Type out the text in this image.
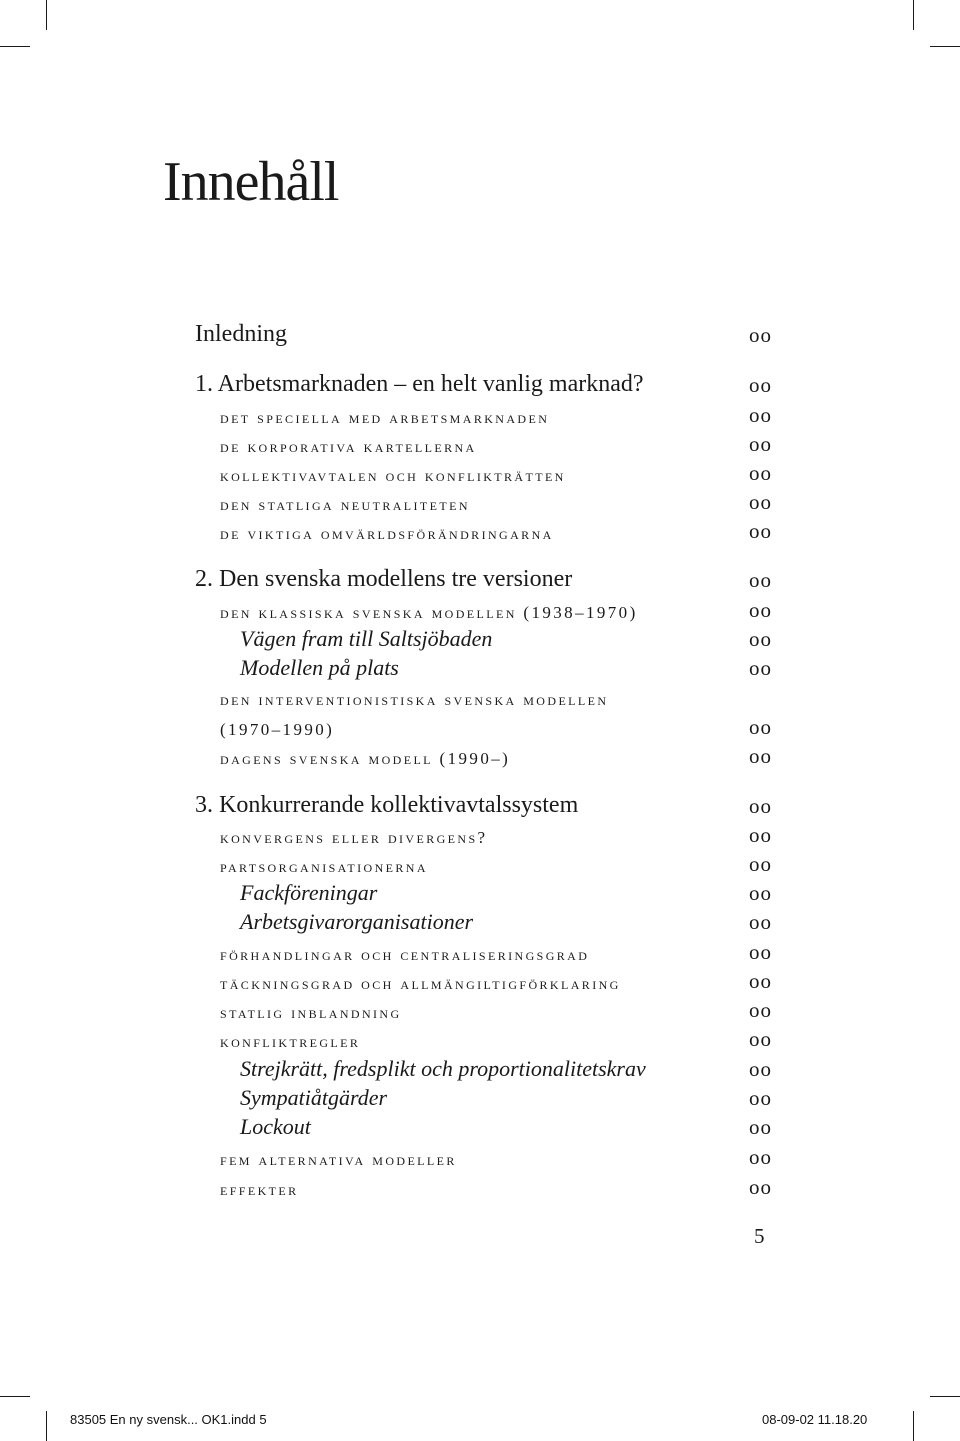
Innehåll
Inledning	oo
1. Arbetsmarknaden – en helt vanlig marknad?	oo
det speciella med arbetsmarknaden	oo
de korporativa kartellerna	oo
kollektivavtalen och konflikträtten	oo
den statliga neutraliteten	oo
de viktiga omvärldsförändringarna	oo
2. Den svenska modellens tre versioner	oo
den klassiska svenska modellen (1938–1970)	oo
Vägen fram till Saltsjöbaden	oo
Modellen på plats	oo
den interventionistiska svenska modellen
(1970–1990)	oo
dagens svenska modell (1990–)	oo
3. Konkurrerande kollektivavtalssystem	oo
konvergens eller divergens?	oo
partsorganisationerna	oo
Fackföreningar	oo
Arbetsgivarorganisationer	oo
förhandlingar och centraliseringsgrad	oo
täckningsgrad och allmängiltigförklaring	oo
statlig inblandning	oo
konfliktregler	oo
Strejkrätt, fredsplikt och proportionalitetskrav	oo
Sympatiåtgärder	oo
Lockout	oo
fem alternativa modeller	oo
effekter	oo
5
83505 En ny svensk... OK1.indd 5	08-09-02 11.18.20
